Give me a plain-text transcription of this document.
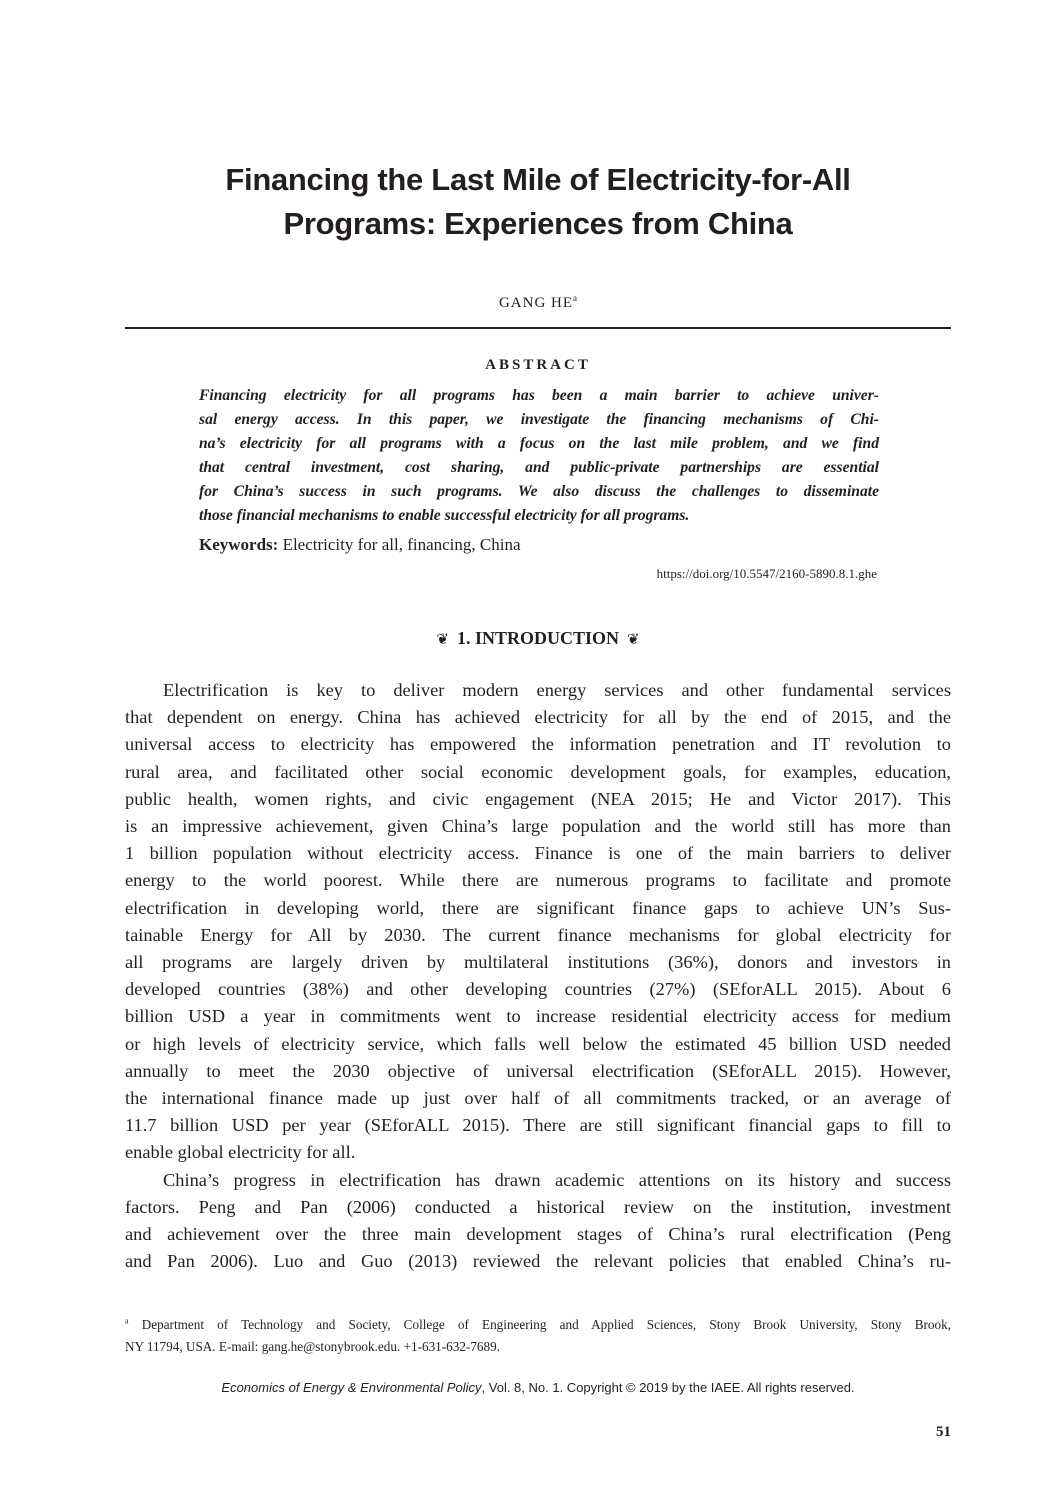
Financing the Last Mile of Electricity-for-All
Programs: Experiences from China
GANG $HE^a$
ABSTRACT
Financing electricity for all programs has been a main barrier to achieve univer-
sal energy access. In this paper, we investigate the financing mechanisms of Chi-
na’s electricity for all programs with a focus on the last mile problem, and we find
that central investment, cost sharing, and public-private partnerships are essential
for China’s success in such programs. We also discuss the challenges to disseminate
those financial mechanisms to enable successful electricity for all programs.
Keywords: Electricity for all, financing, China
https://doi.org/10.5547/2160-5890.8.1.ghe
❦ 1. INTRODUCTION ❦
Electrification is key to deliver modern energy services and other fundamental services
that dependent on energy. China has achieved electricity for all by the end of 2015, and the
universal access to electricity has empowered the information penetration and IT revolution to
rural area, and facilitated other social economic development goals, for examples, education,
public health, women rights, and civic engagement (NEA 2015; He and Victor 2017). This
is an impressive achievement, given China’s large population and the world still has more than
1 billion population without electricity access. Finance is one of the main barriers to deliver
energy to the world poorest. While there are numerous programs to facilitate and promote
electrification in developing world, there are significant finance gaps to achieve UN’s Sus-
tainable Energy for All by 2030. The current finance mechanisms for global electricity for
all programs are largely driven by multilateral institutions (36%), donors and investors in
developed countries (38%) and other developing countries (27%) (SEforALL 2015). About 6
billion USD a year in commitments went to increase residential electricity access for medium
or high levels of electricity service, which falls well below the estimated 45 billion USD needed
annually to meet the 2030 objective of universal electrification (SEforALL 2015). However,
the international finance made up just over half of all commitments tracked, or an average of
11.7 billion USD per year (SEforALL 2015). There are still significant financial gaps to fill to
enable global electricity for all.
China’s progress in electrification has drawn academic attentions on its history and success
factors. Peng and Pan (2006) conducted a historical review on the institution, investment
and achievement over the three main development stages of China’s rural electrification (Peng
and Pan 2006). Luo and Guo (2013) reviewed the relevant policies that enabled China’s ru-
$^a$ Department of Technology and Society, College of Engineering and Applied Sciences, Stony Brook University, Stony Brook,
NY 11794, USA. E-mail: gang.he@stonybrook.edu. +1-631-632-7689.
Economics of Energy & Environmental Policy, Vol. 8, No. 1. Copyright © 2019 by the IAEE. All rights reserved.
51
